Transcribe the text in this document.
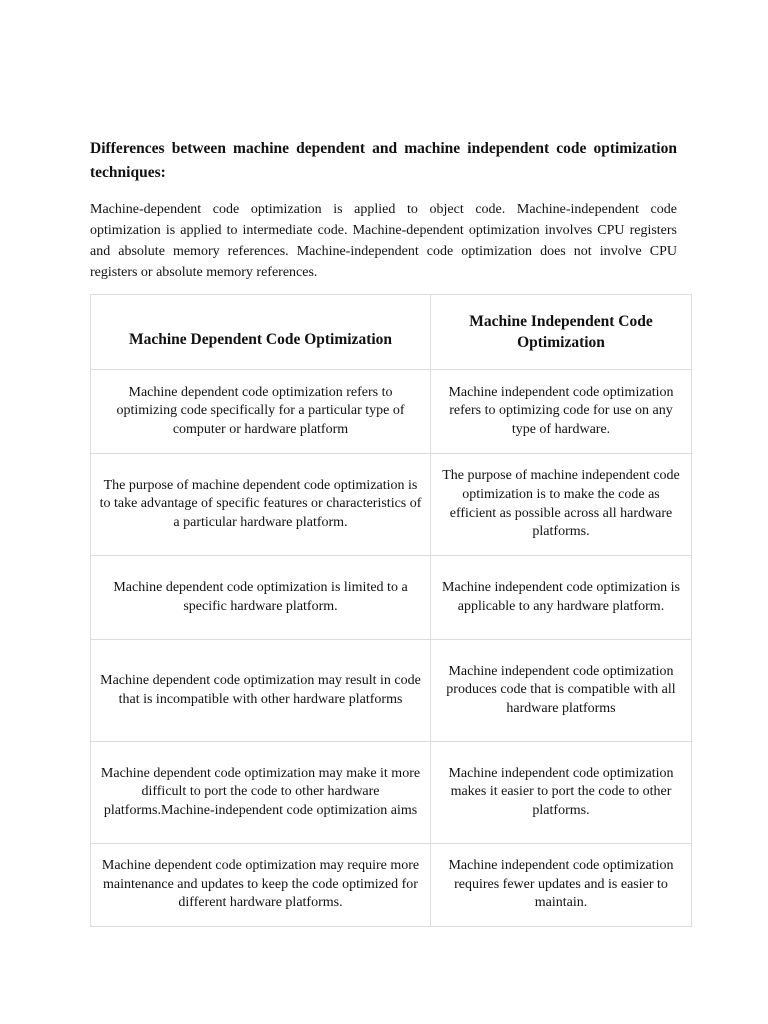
Differences between machine dependent and machine independent code optimization techniques:

Machine-dependent code optimization is applied to object code. Machine-independent code optimization is applied to intermediate code. Machine-dependent optimization involves CPU registers and absolute memory references. Machine-independent code optimization does not involve CPU registers or absolute memory references.

Machine Dependent Code Optimization	Machine Independent Code Optimization
Machine dependent code optimization refers to optimizing code specifically for a particular type of computer or hardware platform	Machine independent code optimization refers to optimizing code for use on any type of hardware.
The purpose of machine dependent code optimization is to take advantage of specific features or characteristics of a particular hardware platform.	The purpose of machine independent code optimization is to make the code as efficient as possible across all hardware platforms.
Machine dependent code optimization is limited to a specific hardware platform.	Machine independent code optimization is applicable to any hardware platform.
Machine dependent code optimization may result in code that is incompatible with other hardware platforms	Machine independent code optimization produces code that is compatible with all hardware platforms
Machine dependent code optimization may make it more difficult to port the code to other hardware platforms.Machine-independent code optimization aims	Machine independent code optimization makes it easier to port the code to other platforms.
Machine dependent code optimization may require more maintenance and updates to keep the code optimized for different hardware platforms.	Machine independent code optimization requires fewer updates and is easier to maintain.
